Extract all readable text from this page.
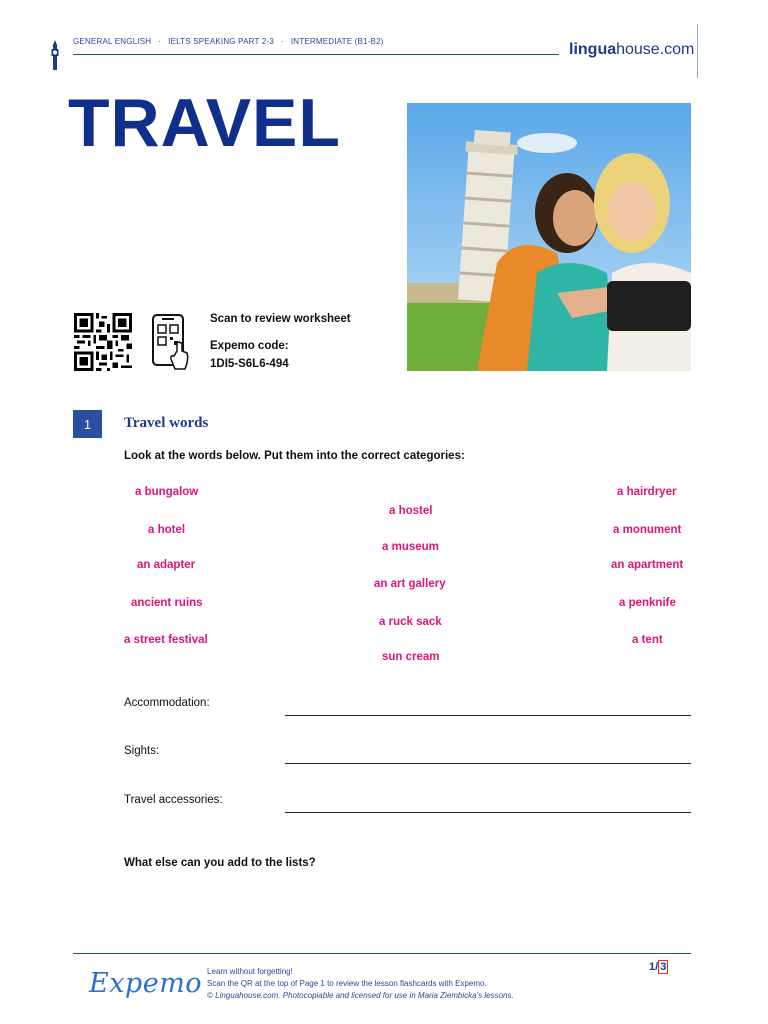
GENERAL ENGLISH · IELTS SPEAKING PART 2-3 · INTERMEDIATE (B1-B2)	linguahouse.com
TRAVEL
Scan to review worksheet
Expemo code:
1DI5-S6L6-494
1	Travel words
Look at the words below. Put them into the correct categories:
a bungalow
a hotel
an adapter
ancient ruins
a street festival
a hostel
a museum
an art gallery
a ruck sack
sun cream
a hairdryer
a monument
an apartment
a penknife
a tent
Accommodation:
Sights:
Travel accessories:
What else can you add to the lists?
Expemo Learn without forgetting!
Scan the QR at the top of Page 1 to review the lesson flashcards with Expemo.
© Linguahouse.com. Photocopiable and licensed for use in Maria Ziembicka's lessons.
1/ 3
